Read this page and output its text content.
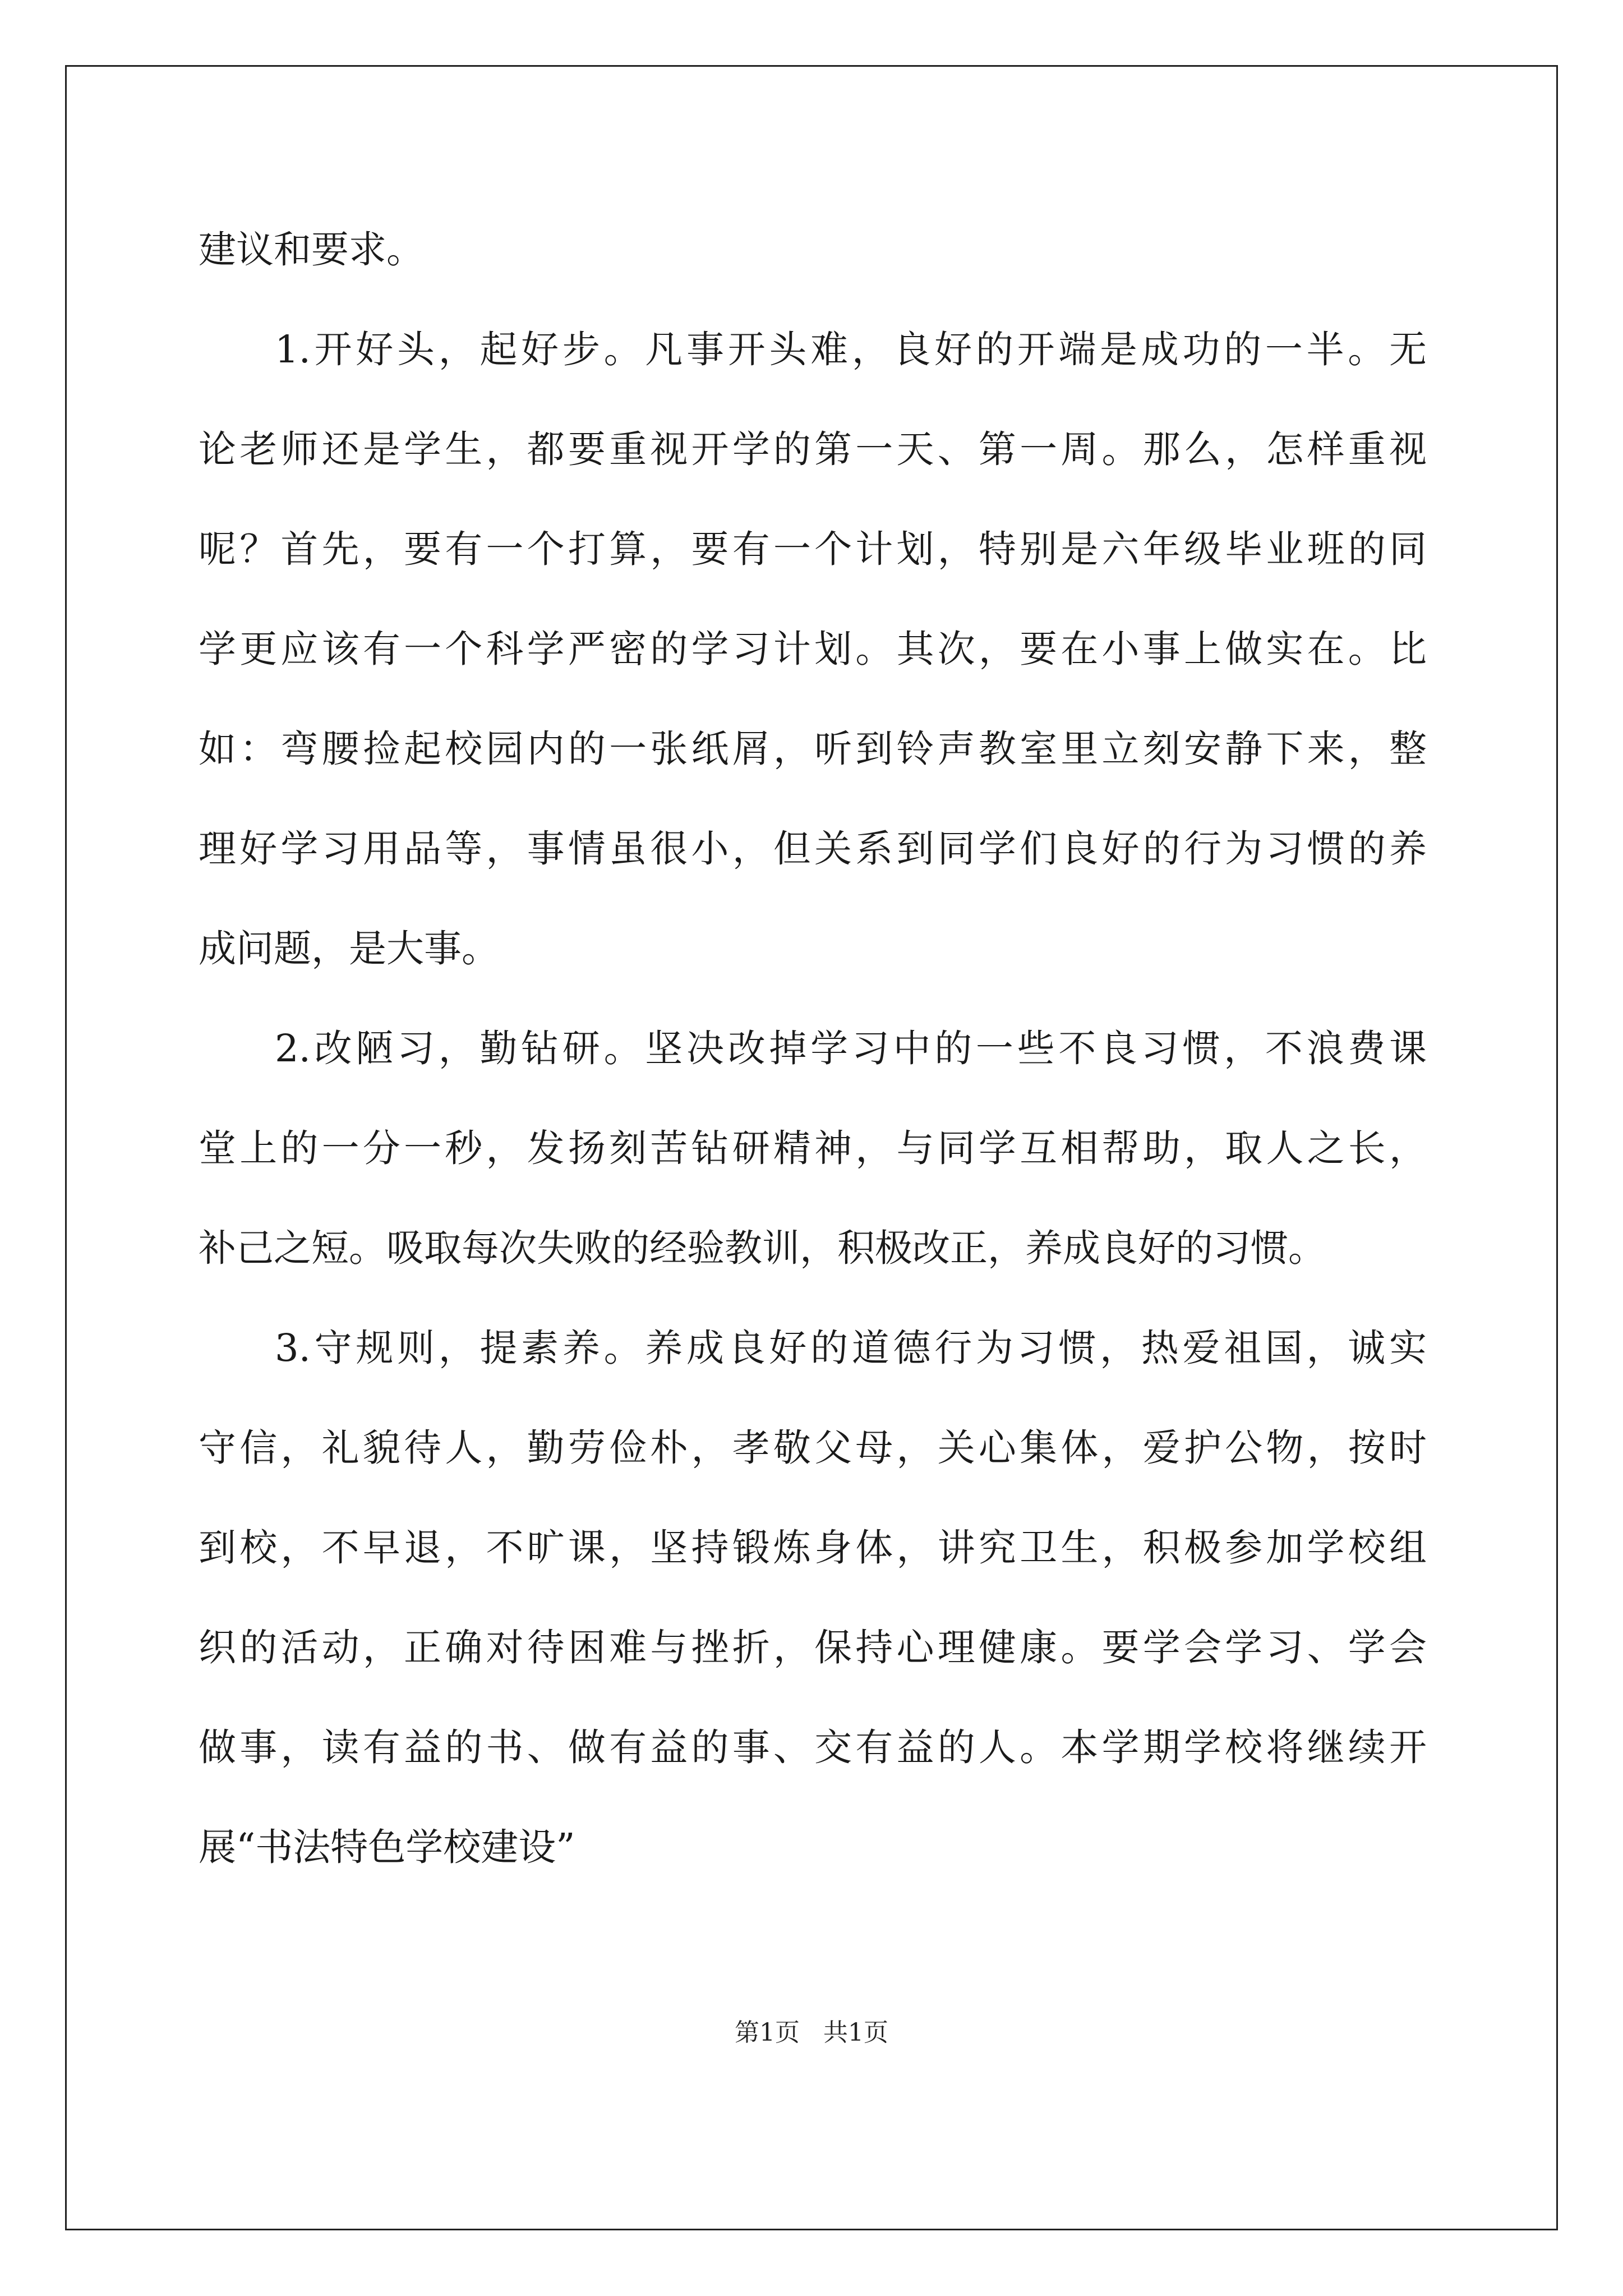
建议和要求。
1.开好头，起好步。凡事开头难，良好的开端是成功的一半。无
论老师还是学生，都要重视开学的第一天、第一周。那么，怎样重视
呢？首先，要有一个打算，要有一个计划，特别是六年级毕业班的同
学更应该有一个科学严密的学习计划。其次，要在小事上做实在。比
如：弯腰捡起校园内的一张纸屑，听到铃声教室里立刻安静下来，整
理好学习用品等，事情虽很小，但关系到同学们良好的行为习惯的养
成问题，是大事。
2.改陋习，勤钻研。坚决改掉学习中的一些不良习惯，不浪费课
堂上的一分一秒，发扬刻苦钻研精神，与同学互相帮助，取人之长，
补己之短。吸取每次失败的经验教训，积极改正，养成良好的习惯。
3.守规则，提素养。养成良好的道德行为习惯，热爱祖国，诚实
守信，礼貌待人，勤劳俭朴，孝敬父母，关心集体，爱护公物，按时
到校，不早退，不旷课，坚持锻炼身体，讲究卫生，积极参加学校组
织的活动，正确对待困难与挫折，保持心理健康。要学会学习、学会
做事，读有益的书、做有益的事、交有益的人。本学期学校将继续开
展“书法特色学校建设”
第1页   共1页
